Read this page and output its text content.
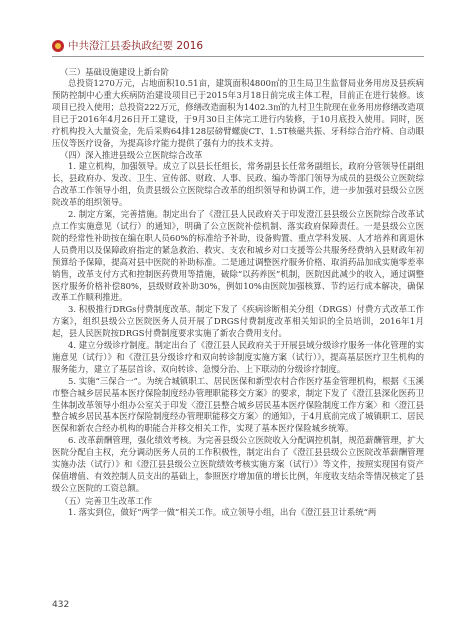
中共澄江县委执政纪要 2016

（三）基础设施建设上新台阶

总投资1270万元，占地面积10.51亩，建筑面积4800㎡的卫生局卫生监督局业务用房及县疾病预防控制中心重大疾病防治建设项目已于2015年3月18日前完成主体工程，目前正在进行装修。该项目已投入使用；总投资222万元，修缮改造面积为1402.3㎡的九村卫生院现在业务用房修缮改造项目已于2016年4月26日开工建设，于9月30日主体完工进行内装修，于10月底投入使用。同时，医疗机构投入大量资金，先后采购64排128层磅臂螺旋CT、1.5T核磁共振、牙科综合治疗椅、自动眼压仪等医疗设备，为提高诊疗能力提供了强有力的技术支持。

（四）深入推进县级公立医院综合改革

1. 建立机构，加强领导。成立了以县长任组长，常务副县长任常务副组长，政府分管领导任副组长，县政府办、发改、卫生、宣传部、财政、人事、民政、编办等部门领导为成员的县级公立医院综合改革工作领导小组，负责县级公立医院综合改革的组织领导和协调工作，进一步加强对县级公立医院改革的组织领导。

2. 制定方案，完善措施。制定出台了《澄江县人民政府关于印发澄江县县级公立医院综合改革试点工作实施意见（试行）的通知》，明确了公立医院补偿机制、落实政府保障责任。一是县级公立医院的经常性补助按在编在职人员60%的标准给予补助，设备购置、重点学科发展、人才培养和离退休人员费用以及保障政府指定的紧急救治、救灾、支农和城乡对口支援等公共服务经费纳入县财政年初预算给予保障，提高对县中医院的补助标准。二是通过调整医疗服务价格、取消药品加成实施零差率销售，改革支付方式和控制医药费用等措施，破除“以药养医”机制，医院因此减少的收入，通过调整医疗服务价格补偿80%，县级财政补助30%，例如10%由医院加强核算、节约运行成本解决，确保改革工作顺利推进。

3. 积极推行DRGs付费制度改革。制定下发了《疾病诊断相关分组（DRGS）付费方式改革工作方案》，组织县级公立医院医务人员开展了DRGS付费制度改革相关知识的全员培训，2016年1月起，县人民医院按DRGS付费制度要求实施了新农合费用支付。

4. 建立分级诊疗制度。制定出台了《澄江县人民政府关于开展县域分级诊疗服务一体化管理的实施意见（试行）》和《澄江县分级诊疗和双向转诊制度实施方案（试行）》，提高基层医疗卫生机构的服务能力，建立了基层首诊、双向转诊、急慢分治、上下联动的分级诊疗制度。

5. 实施“三保合一”。为统合城镇职工、居民医保和新型农村合作医疗基金管理机构，根据《玉溪市整合城乡居民基本医疗保险制度经办管理职能移交方案》的要求，制定下发了《澄江县深化医药卫生体制改革领导小组办公室关于印发〈澄江县整合城乡居民基本医疗保险制度工作方案〉和〈澄江县整合城乡居民基本医疗保险制度经办管理职能移交方案〉的通知》，于4月底前完成了城镇职工、居民医保和新农合经办机构的职能合并移交相关工作，实现了基本医疗保险城乡统筹。

6. 改革薪酬管理，强化绩效考核。为完善县级公立医院收入分配调控机制，规范薪酬管理，扩大医院分配自主权，充分调动医务人员的工作积极性，制定出台了《澄江县县级公立医院改革薪酬管理实施办法（试行）》和《澄江县县级公立医院绩效考核实施方案（试行）》等文件，按照实现国有资产保值增值、有效控制人员支出的基础上，参照医疗增加值的增长比例，年度收支结余等情况核定了县级公立医院的工资总额。

（五）完善卫生改革工作

1. 落实到位，做好“两学一做”相关工作。成立领导小组，出台《澄江县卫计系统“两

432
